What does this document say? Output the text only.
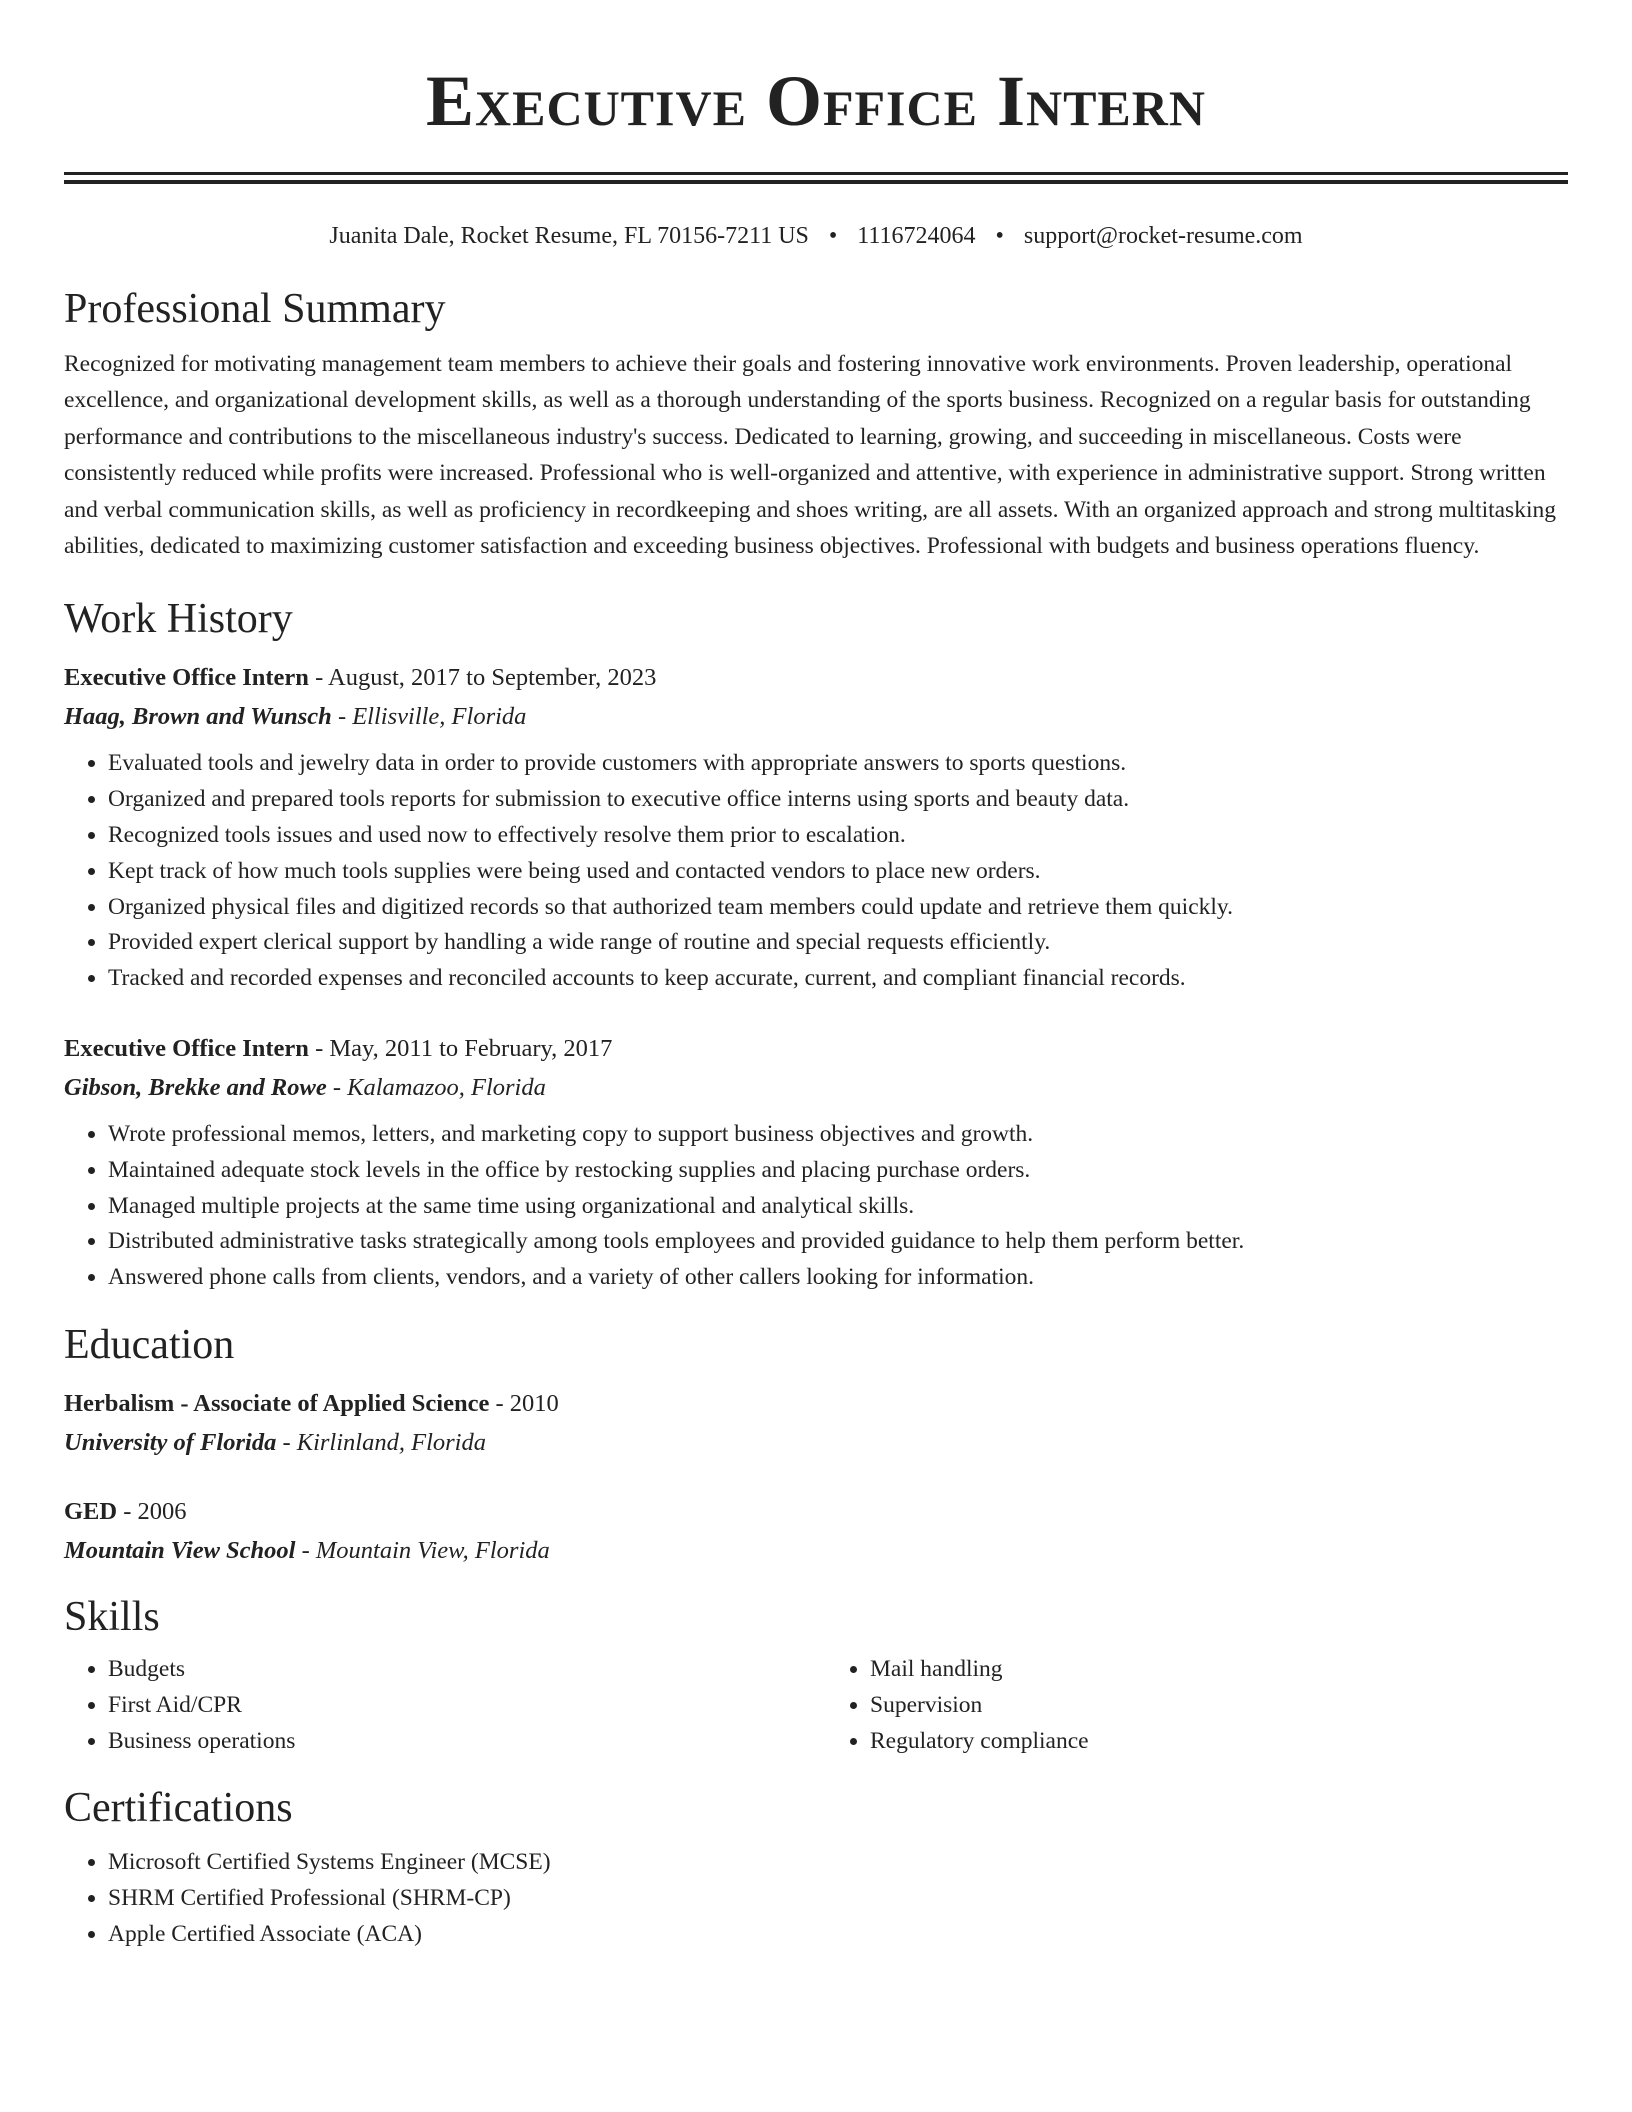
Executive Office Intern
Juanita Dale, Rocket Resume, FL 70156-7211 US • 1116724064 • support@rocket-resume.com
Professional Summary

Recognized for motivating management team members to achieve their goals and fostering innovative work environments. Proven leadership, operational excellence, and organizational development skills, as well as a thorough understanding of the sports business. Recognized on a regular basis for outstanding performance and contributions to the miscellaneous industry's success. Dedicated to learning, growing, and succeeding in miscellaneous. Costs were consistently reduced while profits were increased. Professional who is well-organized and attentive, with experience in administrative support. Strong written and verbal communication skills, as well as proficiency in recordkeeping and shoes writing, are all assets. With an organized approach and strong multitasking abilities, dedicated to maximizing customer satisfaction and exceeding business objectives. Professional with budgets and business operations fluency.

Work History
Executive Office Intern - August, 2017 to September, 2023
Haag, Brown and Wunsch - Ellisville, Florida
• Evaluated tools and jewelry data in order to provide customers with appropriate answers to sports questions.
• Organized and prepared tools reports for submission to executive office interns using sports and beauty data.
• Recognized tools issues and used now to effectively resolve them prior to escalation.
• Kept track of how much tools supplies were being used and contacted vendors to place new orders.
• Organized physical files and digitized records so that authorized team members could update and retrieve them quickly.
• Provided expert clerical support by handling a wide range of routine and special requests efficiently.
• Tracked and recorded expenses and reconciled accounts to keep accurate, current, and compliant financial records.
Executive Office Intern - May, 2011 to February, 2017
Gibson, Brekke and Rowe - Kalamazoo, Florida
• Wrote professional memos, letters, and marketing copy to support business objectives and growth.
• Maintained adequate stock levels in the office by restocking supplies and placing purchase orders.
• Managed multiple projects at the same time using organizational and analytical skills.
• Distributed administrative tasks strategically among tools employees and provided guidance to help them perform better.
• Answered phone calls from clients, vendors, and a variety of other callers looking for information.
Education
Herbalism - Associate of Applied Science - 2010
University of Florida - Kirlinland, Florida
GED - 2006
Mountain View School - Mountain View, Florida
Skills
• Budgets
• First Aid/CPR
• Business operations
• Mail handling
• Supervision
• Regulatory compliance
Certifications
• Microsoft Certified Systems Engineer (MCSE)
• SHRM Certified Professional (SHRM-CP)
• Apple Certified Associate (ACA)
